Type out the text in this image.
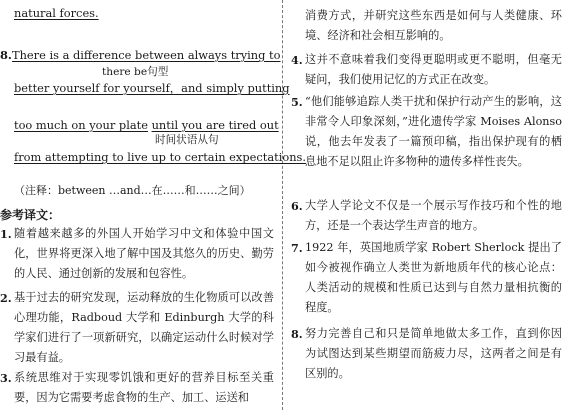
natural forces.
8.There is a difference between always trying to
there be句型
better yourself for yourself，and simply putting
too much on your plate until you are tired out
时间状语从句
from attempting to live up to certain expectations.
（注释：between …and…在……和……之间）
参考译文：
1. 随着越来越多的外国人开始学习中文和体验中国文化，世界将更深入地了解中国及其悠久的历史、勤劳的人民、通过创新的发展和包容性。
2. 基于过去的研究发现，运动释放的生化物质可以改善心理功能，Radboud 大学和 Edinburgh 大学的科学家们进行了一项新研究，以确定运动什么时候对学习最有益。
3. 系统思维对于实现零饥饿和更好的营养目标至关重要，因为它需要考虑食物的生产、加工、运送和
消费方式，并研究这些东西是如何与人类健康、环境、经济和社会相互影响的。
4. 这并不意味着我们变得更聪明或更不聪明，但毫无疑问，我们使用记忆的方式正在改变。
5. “他们能够追踪人类干扰和保护行动产生的影响，这非常令人印象深刻，”进化遗传学家 Moises Alonso 说，他去年发表了一篇预印稿，指出保护现有的栖息地不足以阻止许多物种的遗传多样性丧失。
6. 大学人学论文不仅是一个展示写作技巧和个性的地方，还是一个表达学生声音的地方。
7. 1922 年，英国地质学家 Robert Sherlock 提出了如今被视作确立人类世为新地质年代的核心论点：人类活动的规模和性质已达到与自然力量相抗衡的程度。
8. 努力完善自己和只是简单地做太多工作，直到你因为试图达到某些期望而筋疲力尽，这两者之间是有区别的。
